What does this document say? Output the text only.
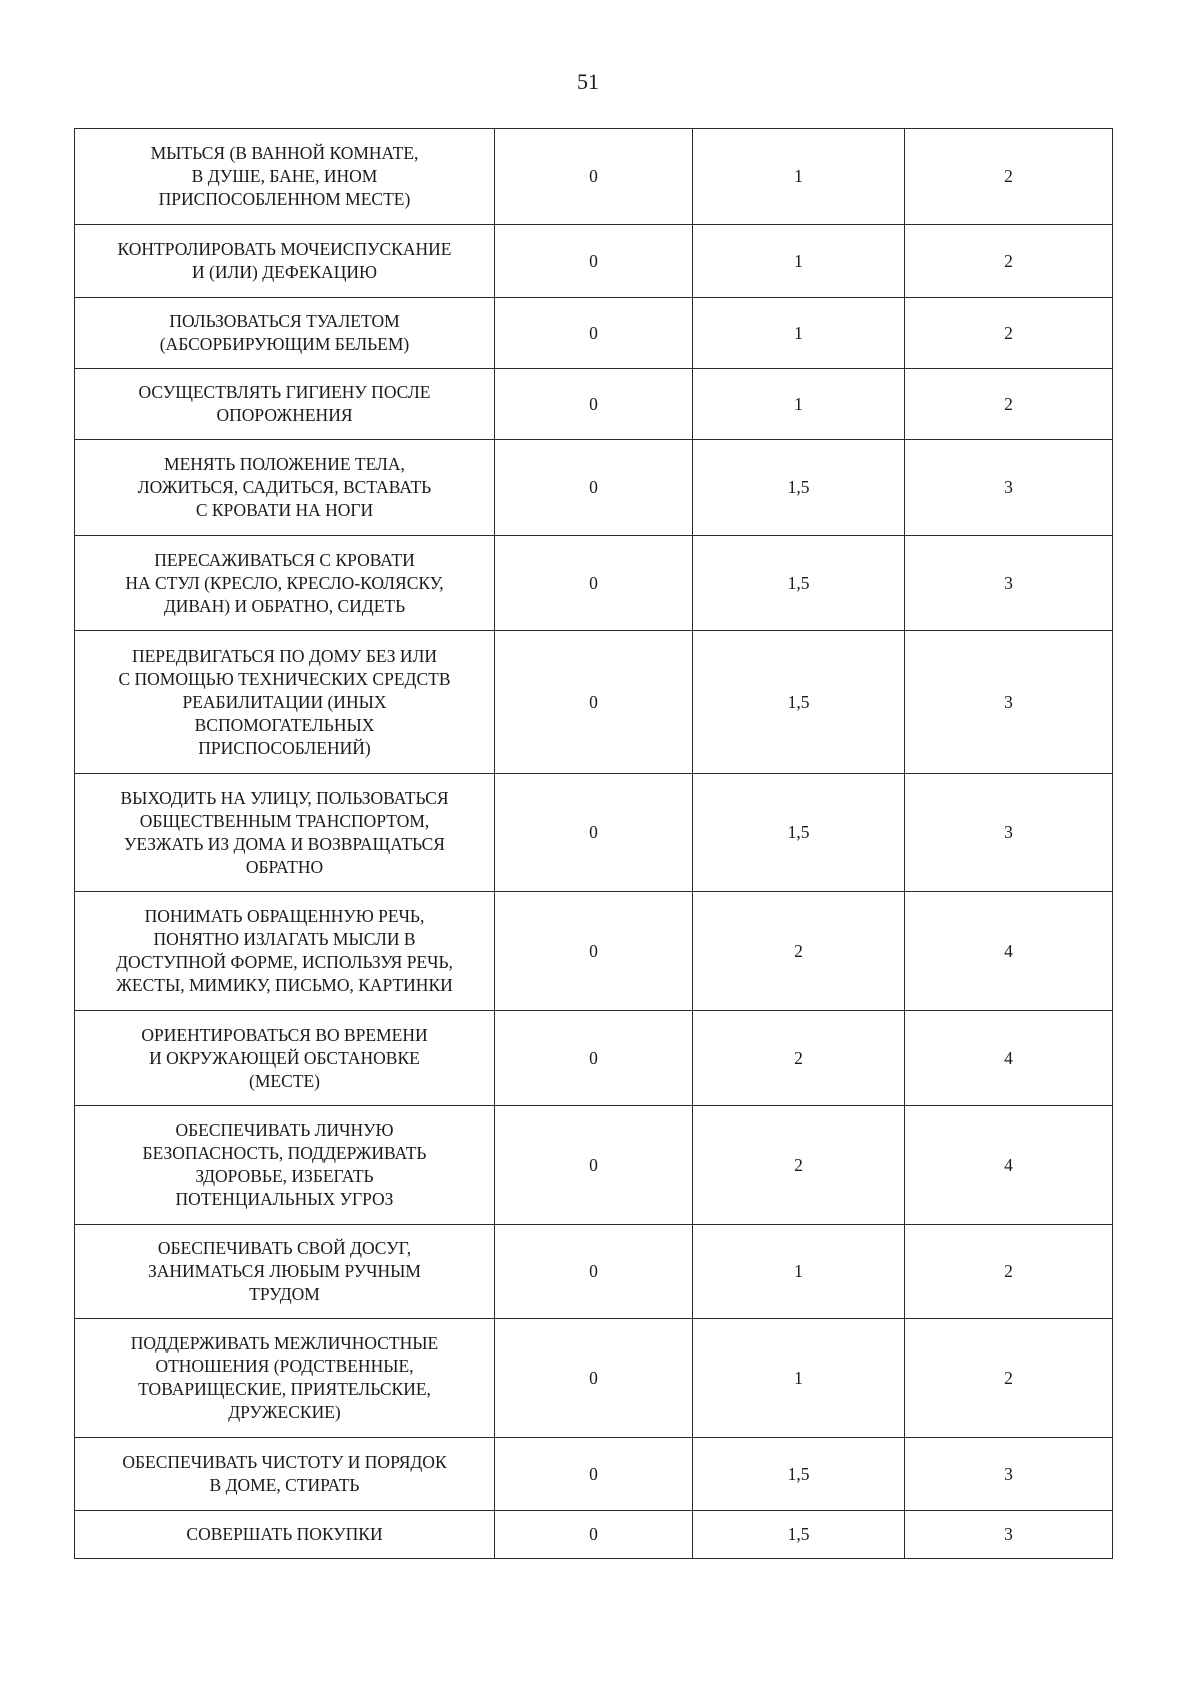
51
МЫТЬСЯ (В ВАННОЙ КОМНАТЕ,
В ДУШЕ, БАНЕ, ИНОМ
ПРИСПОСОБЛЕННОМ МЕСТЕ)	0	1	2
КОНТРОЛИРОВАТЬ МОЧЕИСПУСКАНИЕ
И (ИЛИ) ДЕФЕКАЦИЮ	0	1	2
ПОЛЬЗОВАТЬСЯ ТУАЛЕТОМ
(АБСОРБИРУЮЩИМ БЕЛЬЕМ)	0	1	2
ОСУЩЕСТВЛЯТЬ ГИГИЕНУ ПОСЛЕ
ОПОРОЖНЕНИЯ	0	1	2
МЕНЯТЬ ПОЛОЖЕНИЕ ТЕЛА,
ЛОЖИТЬСЯ, САДИТЬСЯ, ВСТАВАТЬ
С КРОВАТИ НА НОГИ	0	1,5	3
ПЕРЕСАЖИВАТЬСЯ С КРОВАТИ
НА СТУЛ (КРЕСЛО, КРЕСЛО-КОЛЯСКУ,
ДИВАН) И ОБРАТНО, СИДЕТЬ	0	1,5	3
ПЕРЕДВИГАТЬСЯ ПО ДОМУ БЕЗ ИЛИ
С ПОМОЩЬЮ ТЕХНИЧЕСКИХ СРЕДСТВ
РЕАБИЛИТАЦИИ (ИНЫХ
ВСПОМОГАТЕЛЬНЫХ
ПРИСПОСОБЛЕНИЙ)	0	1,5	3
ВЫХОДИТЬ НА УЛИЦУ, ПОЛЬЗОВАТЬСЯ
ОБЩЕСТВЕННЫМ ТРАНСПОРТОМ,
УЕЗЖАТЬ ИЗ ДОМА И ВОЗВРАЩАТЬСЯ
ОБРАТНО	0	1,5	3
ПОНИМАТЬ ОБРАЩЕННУЮ РЕЧЬ,
ПОНЯТНО ИЗЛАГАТЬ МЫСЛИ В
ДОСТУПНОЙ ФОРМЕ, ИСПОЛЬЗУЯ РЕЧЬ,
ЖЕСТЫ, МИМИКУ, ПИСЬМО, КАРТИНКИ	0	2	4
ОРИЕНТИРОВАТЬСЯ ВО ВРЕМЕНИ
И ОКРУЖАЮЩЕЙ ОБСТАНОВКЕ
(МЕСТЕ)	0	2	4
ОБЕСПЕЧИВАТЬ ЛИЧНУЮ
БЕЗОПАСНОСТЬ, ПОДДЕРЖИВАТЬ
ЗДОРОВЬЕ, ИЗБЕГАТЬ
ПОТЕНЦИАЛЬНЫХ УГРОЗ	0	2	4
ОБЕСПЕЧИВАТЬ СВОЙ ДОСУГ,
ЗАНИМАТЬСЯ ЛЮБЫМ РУЧНЫМ
ТРУДОМ	0	1	2
ПОДДЕРЖИВАТЬ МЕЖЛИЧНОСТНЫЕ
ОТНОШЕНИЯ (РОДСТВЕННЫЕ,
ТОВАРИЩЕСКИЕ, ПРИЯТЕЛЬСКИЕ,
ДРУЖЕСКИЕ)	0	1	2
ОБЕСПЕЧИВАТЬ ЧИСТОТУ И ПОРЯДОК
В ДОМЕ, СТИРАТЬ	0	1,5	3
СОВЕРШАТЬ ПОКУПКИ	0	1,5	3
